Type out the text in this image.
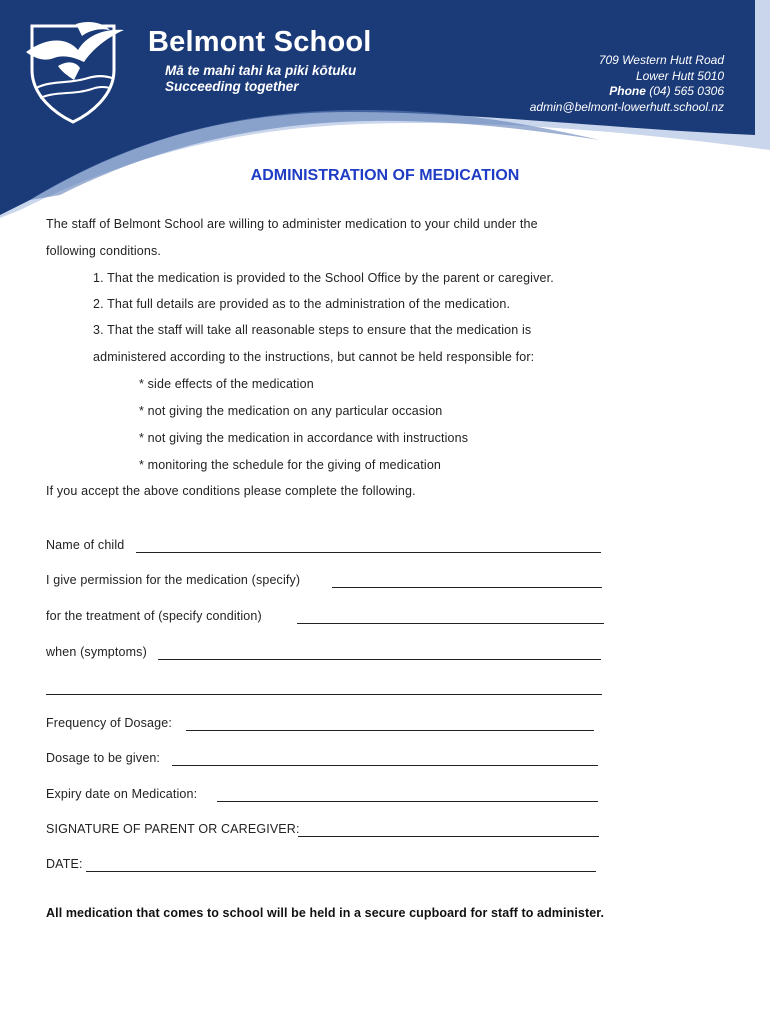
Belmont School
Mā te mahi tahi ka piki kōtuku
Succeeding together
709 Western Hutt Road
Lower Hutt 5010
Phone (04) 565 0306
admin@belmont-lowerhutt.school.nz
ADMINISTRATION OF MEDICATION
The staff of Belmont School are willing to administer medication to your child under the
following conditions.
1. That the medication is provided to the School Office by the parent or caregiver.
2. That full details are provided as to the administration of the medication.
3. That the staff will take all reasonable steps to ensure that the medication is
administered according to the instructions, but cannot be held responsible for:
* side effects of the medication
* not giving the medication on any particular occasion
* not giving the medication in accordance with instructions
* monitoring the schedule for the giving of medication
If you accept the above conditions please complete the following.
Name of child
I give permission for the medication (specify)
for the treatment of (specify condition)
when (symptoms)
Frequency of Dosage:
Dosage to be given:
Expiry date on Medication:
SIGNATURE OF PARENT OR CAREGIVER:
DATE:
All medication that comes to school will be held in a secure cupboard for staff to administer.
